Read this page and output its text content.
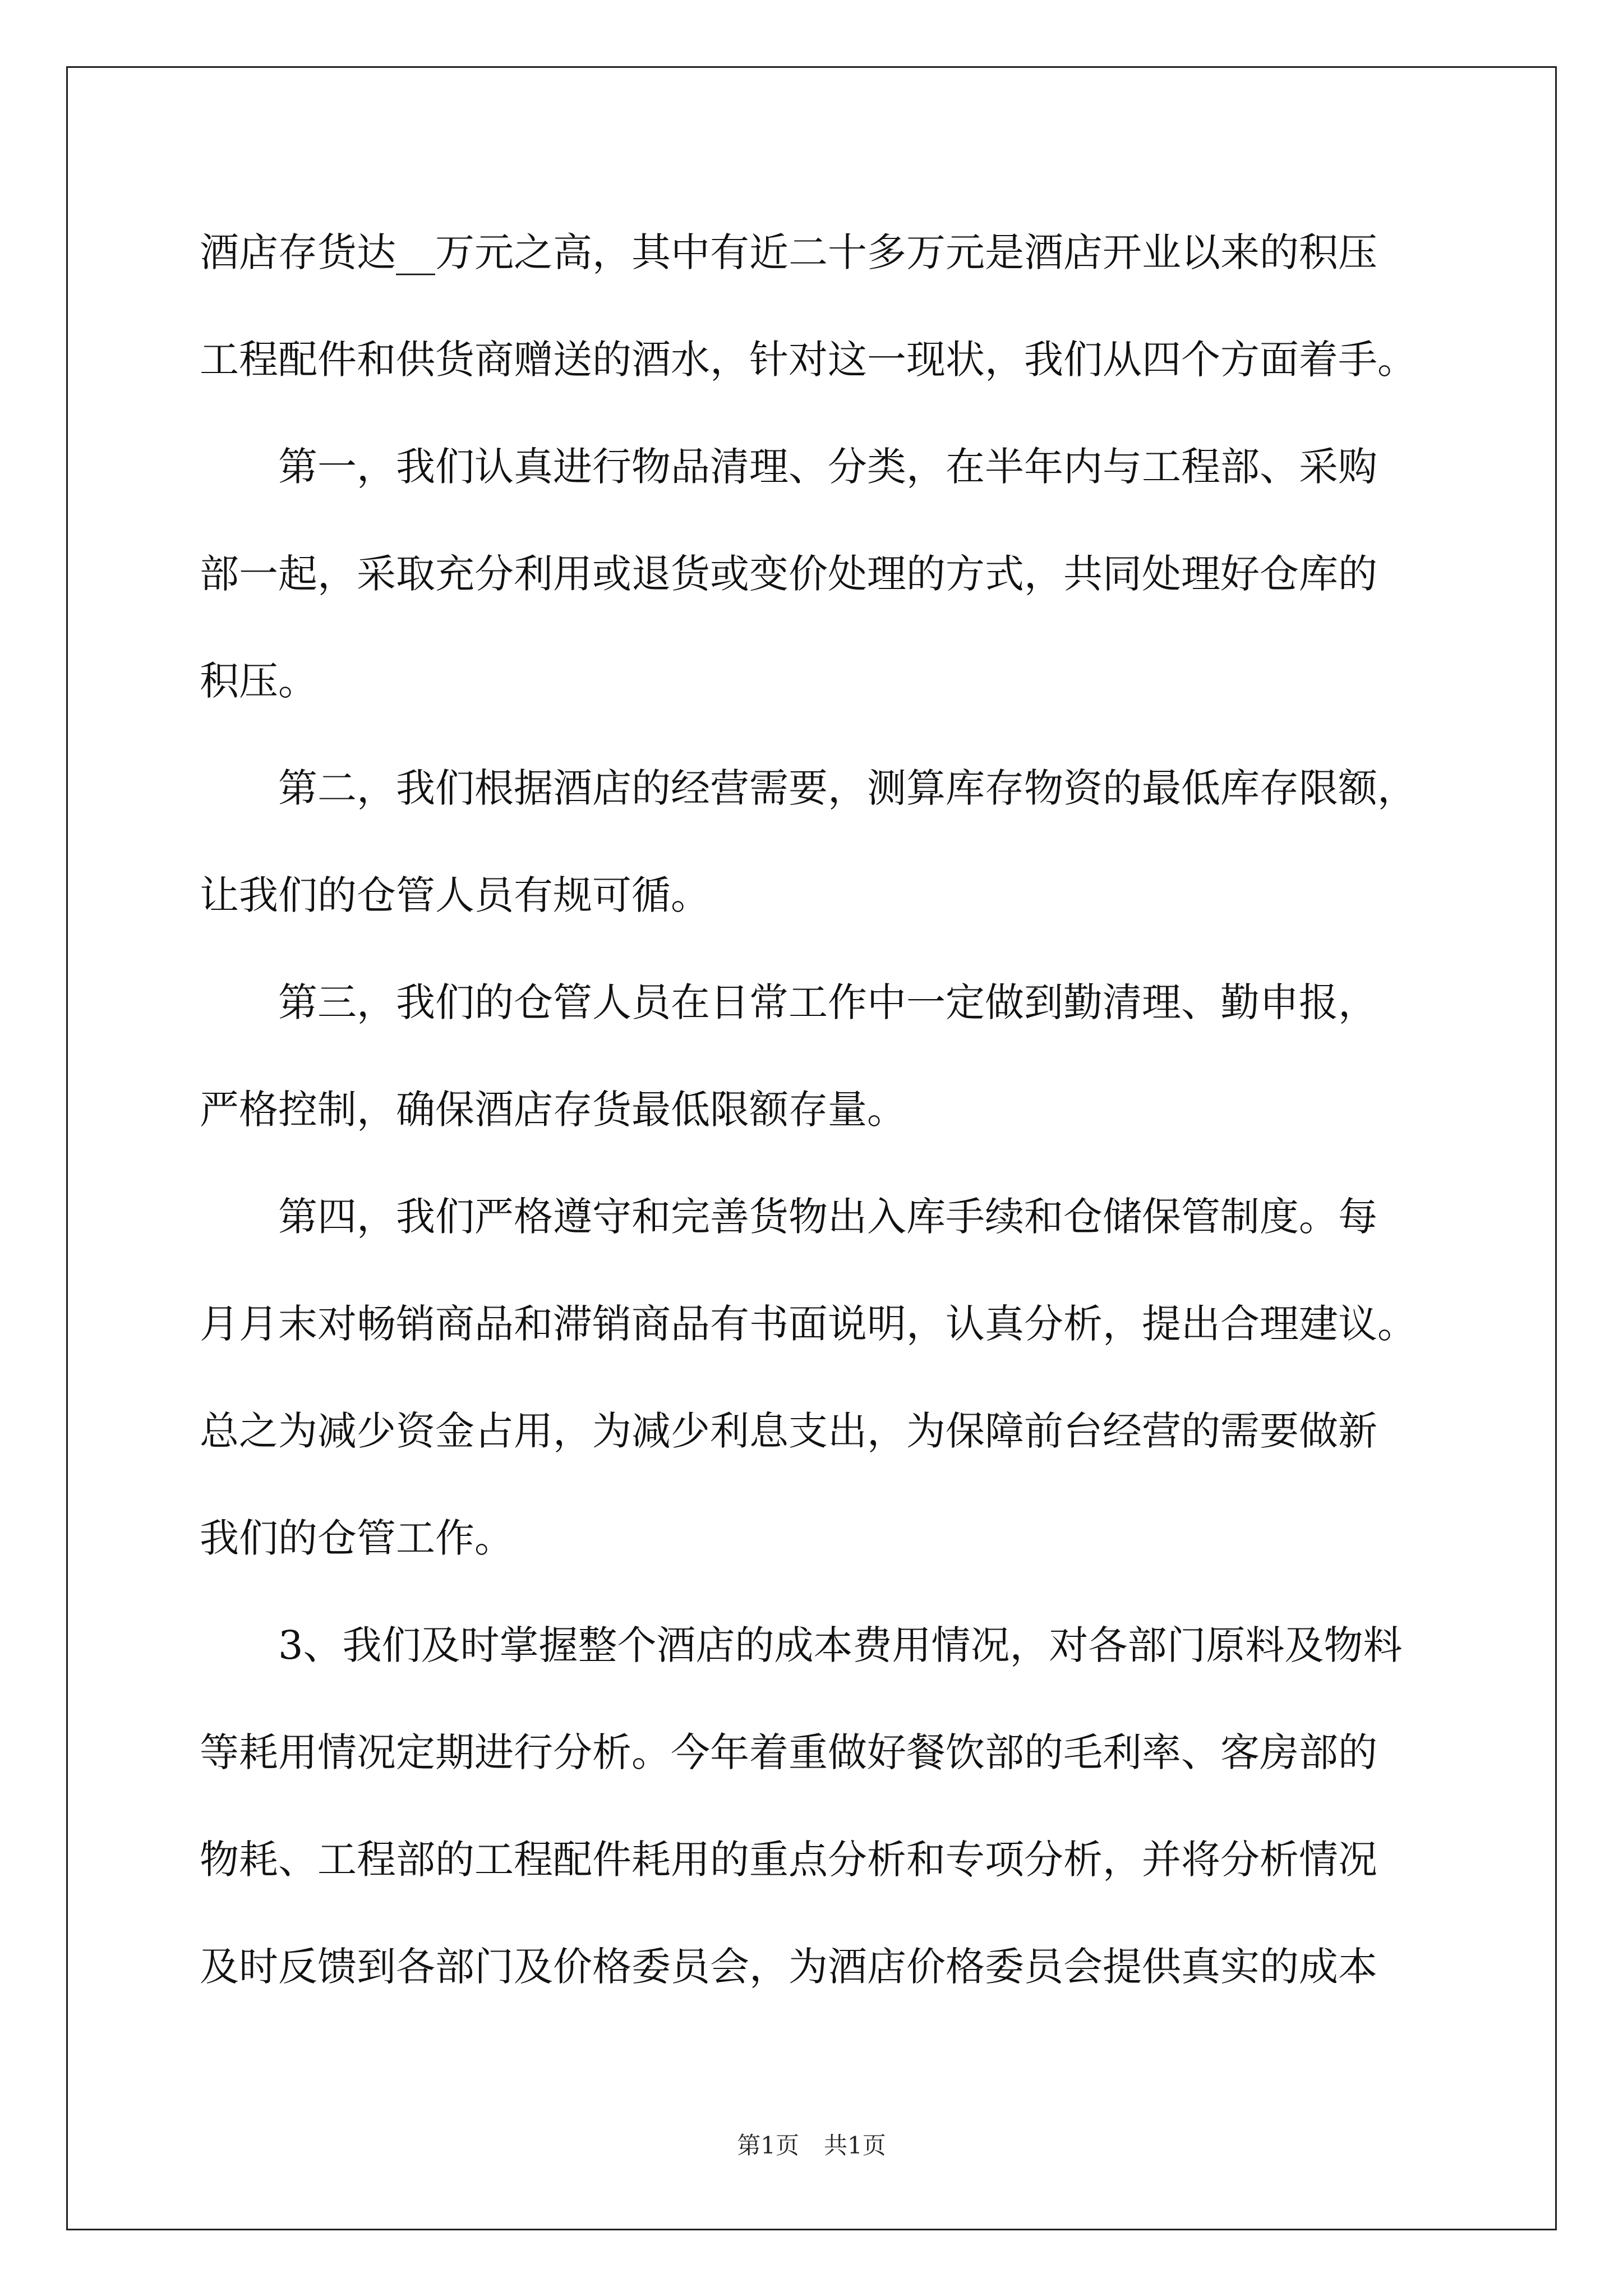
酒店存货达__万元之高，其中有近二十多万元是酒店开业以来的积压
工程配件和供货商赠送的酒水，针对这一现状，我们从四个方面着手。
　　第一，我们认真进行物品清理、分类，在半年内与工程部、采购
部一起，采取充分利用或退货或变价处理的方式，共同处理好仓库的
积压。
　　第二，我们根据酒店的经营需要，测算库存物资的最低库存限额，
让我们的仓管人员有规可循。
　　第三，我们的仓管人员在日常工作中一定做到勤清理、勤申报，
严格控制，确保酒店存货最低限额存量。
　　第四，我们严格遵守和完善货物出入库手续和仓储保管制度。每
月月末对畅销商品和滞销商品有书面说明，认真分析，提出合理建议。
总之为减少资金占用，为减少利息支出，为保障前台经营的需要做新
我们的仓管工作。
　　3、我们及时掌握整个酒店的成本费用情况，对各部门原料及物料
等耗用情况定期进行分析。今年着重做好餐饮部的毛利率、客房部的
物耗、工程部的工程配件耗用的重点分析和专项分析，并将分析情况
及时反馈到各部门及价格委员会，为酒店价格委员会提供真实的成本
第1页 共1页
